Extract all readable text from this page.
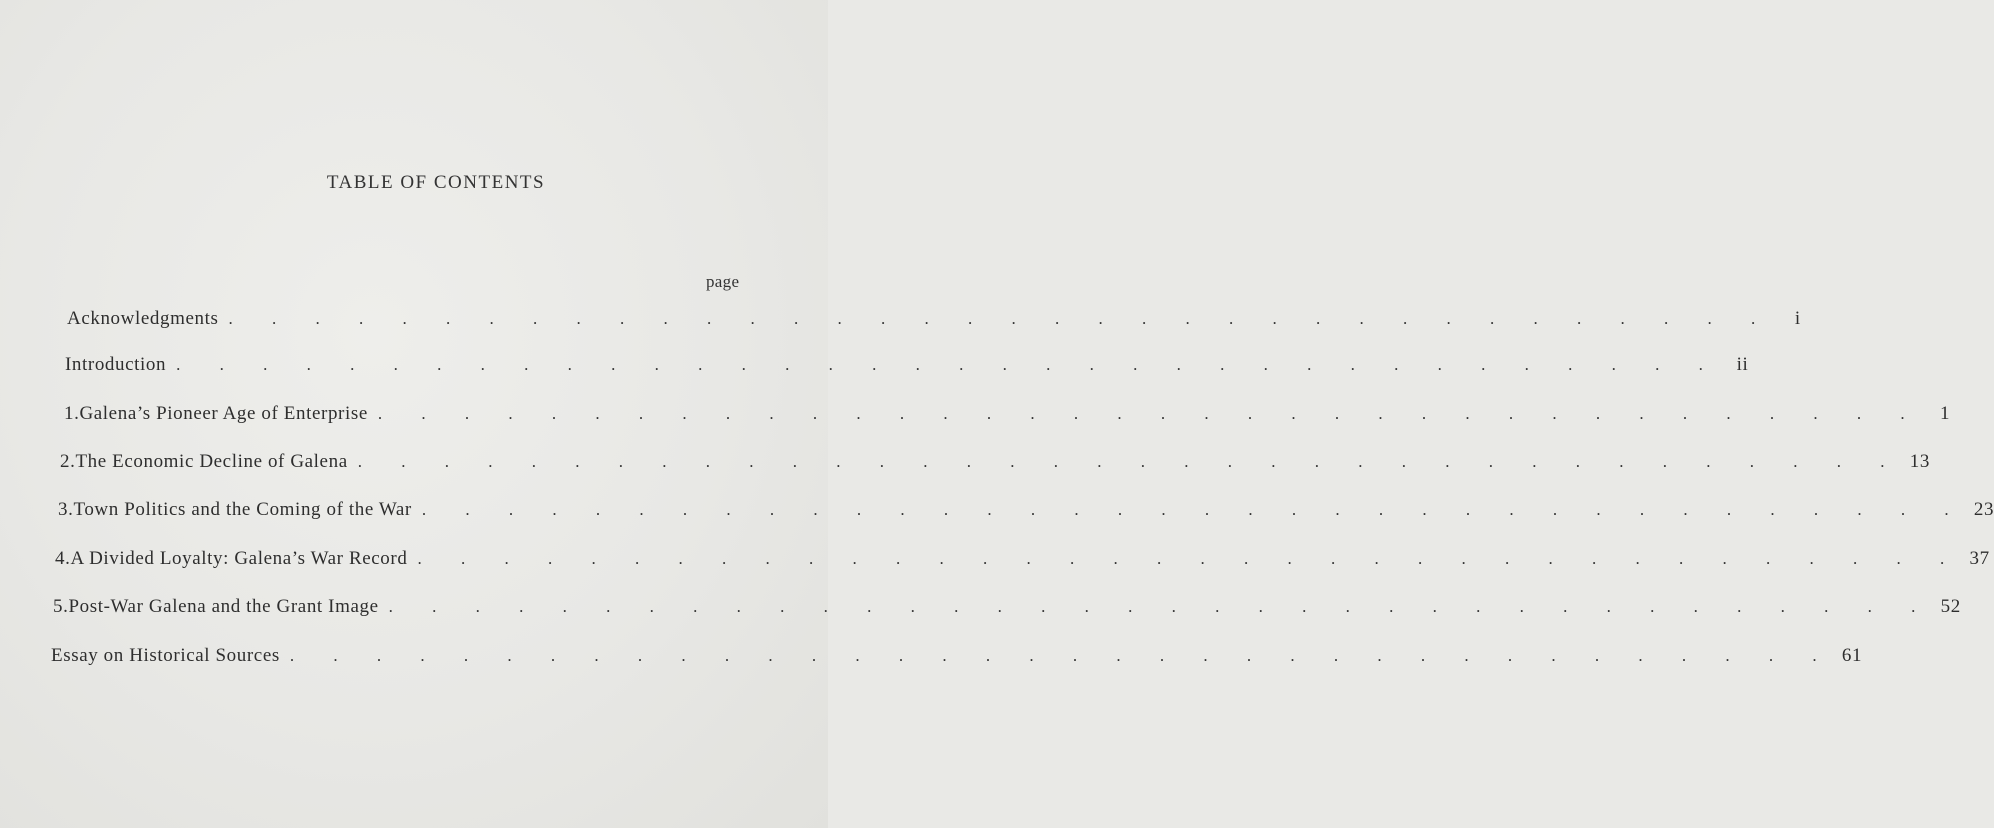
TABLE OF CONTENTS
page
Acknowledgments . . . . . . . . . . . . . . . . . . . . . . . . . . . . . . . . . . . .	i
Introduction . . . . . . . . . . . . . . . . . . . . . . . . . . . . . . . . . . . . ii
1. Galena’s Pioneer Age of Enterprise . . . . . . . . . . . . . . . . . . . . . . . . . . . . . . . . . . . . 1
2. The Economic Decline of Galena . . . . . . . . . . . . . . . . . . . . . . . . . . . . . . . . . . . . 13
3. Town Politics and the Coming of the War . . . . . . . . . . . . . . . . . . . . . . . . . . . . . . . . . . . . 23
4. A Divided Loyalty: Galena’s War Record . . . . . . . . . . . . . . . . . . . . . . . . . . . . . . . . . . . . 37
5. Post-War Galena and the Grant Image . . . . . . . . . . . . . . . . . . . . . . . . . . . . . . . . . . . . 52
Essay on Historical Sources . . . . . . . . . . . . . . . . . . . . . . . . . . . . . . . . . . . . 61
